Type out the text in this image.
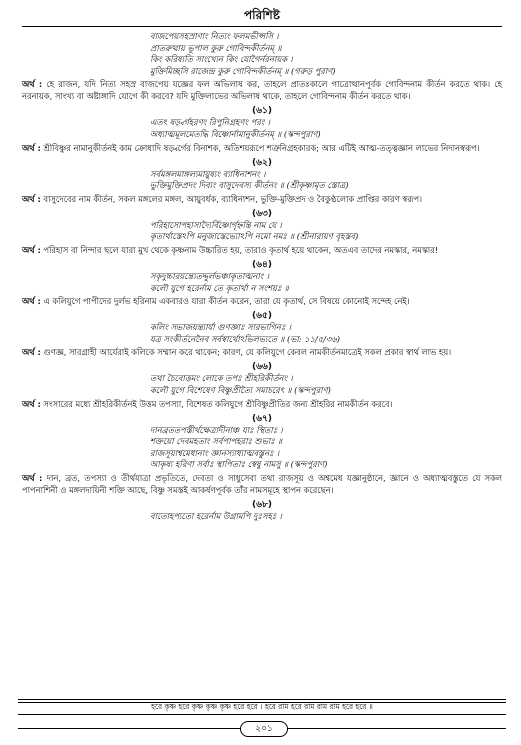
পরিশিষ্ট
বাজপেয়সহস্রাণাং নিত্যং ফলমভীপ্সসি ।
প্রাতরুত্থায় ভূপাল কুরু গোবিন্দকীর্তনম্ ॥
কিং করিষ্যতি সাংখ্যেন কিং যোগৈর্নরনায়ক ।
মুক্তিমিচ্ছসি রাজেন্দ্র কুরু গোবিন্দকীর্তনম্ ॥ (গরুড় পুরাণ)
অর্থ : হে রাজন, যদি নিত্য সহস্র বাজপেয় যজ্ঞের ফল অভিলাষ কর, তাহলে প্রাতঃকালে গাত্রোত্থানপূর্বক গোবিন্দনাম কীর্তন করতে থাক। হে নরনায়ক, সাংখ্য বা অষ্টাঙ্গাদি যোগে কী করবে? যদি মুক্তিলাভের অভিলাষ থাকে, তাহলে গোবিন্দনাম কীর্তন করতে থাক।
(৬১)
এতৎ ষড়্বর্গহরণং রিপুনিগ্রহণং পরং ।
অধ্যাত্মমূলমেতদ্ধি বিষ্ণোর্নামানুকীর্তনম্ ॥ (স্কন্দপুরাণ)
অর্থ : শ্রীবিষ্ণুর নামানুকীর্তনই কাম ক্রোধাদি ষড়্বর্গের বিনাশক, অতিশয়রূপে শত্রুনিগ্রহকারক; আর এটিই আত্ম-তত্ত্বজ্ঞান লাভের নিদানস্বরূপ।
(৬২)
সর্বমঙ্গলমাঙ্গল্যমায়ুষ্যং ব্যাধিনাশনং ।
ভুক্তিমুক্তিপ্রদং দিব্যং বাসুদেবস্য কীর্তনং ॥ (শ্রীকৃষ্ণামৃত স্তোত্র)
অর্থ : বাসুদেবের নাম কীর্তন, সকল মঙ্গলের মঙ্গল, আয়ুবর্ধক, ব্যাধিনাশন, ভুক্তি-মুক্তিপ্রদ ও বৈকুণ্ঠলোক প্রাপ্তির কারণ স্বরূপ।
(৬৩)
পরিহাসোপহাসাদ্যৈর্বিষ্ণোর্গৃহ্নন্তি নাম যে ।
কৃতার্থাস্তেঽপি মনুজাস্তেভ্যোঽপি নমো নমঃ ॥ (শ্রীনারায়ণ বৃহস্তব)
অর্থ : পরিহাস বা নিন্দার ছলে যারা মুখ থেকে কৃষ্ণনাম উচ্চারিত হয়, তারাও কৃতার্থ হয়ে থাকেন, অতএব তাদের নমস্কার, নমস্কার!
(৬৪)
সকৃদুচ্চারয়ন্ত্যেতদ্দুর্লভঞ্চাকৃতাত্মনাং ।
কলৌ যুগে হরের্নাম তে কৃতার্থা ন সংশয়ঃ ॥
অর্থ : এ কলিযুগে পাপীদের দুর্লভ হরিনাম একবারও যারা কীর্তন করেন, তারা যে কৃতার্থ, সে বিষয়ে কোনোই সন্দেহ নেই।
(৬৫)
কলিং সভাজয়ন্ত্যার্যা গুণজ্ঞাঃ সারভাগিনঃ ।
যত্র সংকীর্তনেনৈব সর্বস্বার্থোঽভিলভ্যতে ॥ (ভা: ১১/৫/৩৬)
অর্থ : গুণজ্ঞ, সারগ্রাহী আর্যেরাই কলিকে সম্মান করে থাকেন; কারণ, যে কলিযুগে কেবল নামকীর্তনমাত্রেই সকল প্রকার স্বার্থ লাভ হয়।
(৬৬)
তথা চৈবোত্তমং লোকে তপঃ শ্রীহরিকীর্তনং ।
কলৌ যুগে বিশেষেণ বিষ্ণুপ্রীত্যৈ সমাচরেৎ ॥ (স্কন্দপুরাণ)
অর্থ : সংসারের মধ্যে শ্রীহরিকীর্তনই উত্তম তপস্যা, বিশেষত কলিযুগে শ্রীবিষ্ণুপ্রীতির জন্য শ্রীহরির নামকীর্তন করবে।
(৬৭)
দানব্রততপস্তীর্থক্ষেত্রাদীনাঞ্চ যাঃ স্থিতাঃ ।
শক্তয়ো দেবমহতাং সর্বপাপহরাঃ শুভাঃ ॥
রাজসূয়াশ্বমেধানাং জ্ঞানস্যাধ্যাত্মবস্তুনঃ ।
আকৃষ্য হরিণা সর্বাঃ স্থাপিতাঃ স্বেষু নামসু ॥ (স্কন্দপুরাণ)
অর্থ : দান, ব্রত, তপস্যা ও তীর্থযাত্রা প্রভৃতিতে, দেবতা ও সাধুসেবা তথা রাজসূয় ও অশ্বমেধ যজ্ঞানুষ্ঠানে, জ্ঞানে ও অধ্যাত্মবস্তুতে যে সকল পাপনাশিনী ও মঙ্গলদায়িনী শক্তি আছে, বিষ্ণু সমস্তই আকর্ষণপূর্বক তাঁর নামসমূহে স্থাপন করেছেন।
(৬৮)
বাতোহপ্যতো হরের্নাম উগ্রামপি দুঃসহঃ ।
হরে কৃষ্ণ হরে কৃষ্ণ কৃষ্ণ কৃষ্ণ হরে হরে । হরে রাম হরে রাম রাম রাম হরে হরে ॥
২০১
